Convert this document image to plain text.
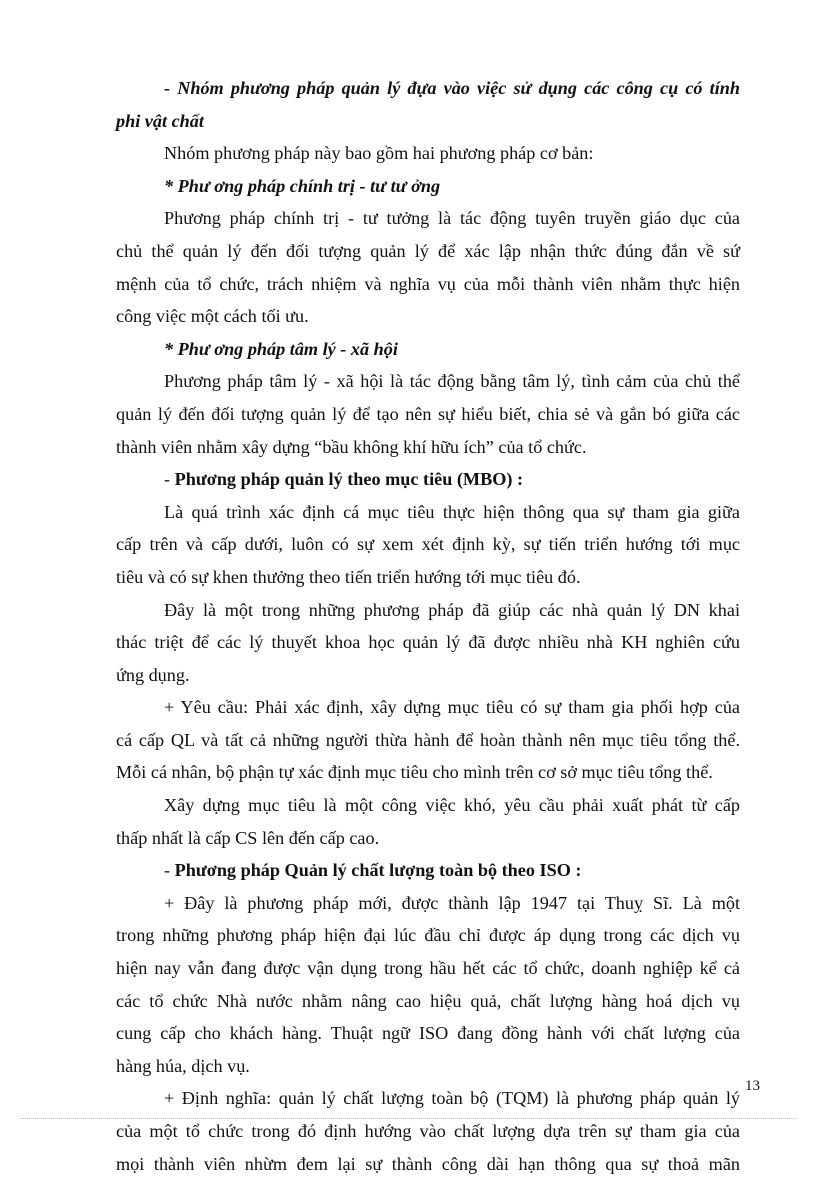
- Nhóm phương pháp quản lý đựa vào việc sử dụng các công cụ có tính

phi vật chất

Nhóm phương pháp này bao gồm hai phương pháp cơ bản:

* Phư ơng pháp chính trị - tư tư ởng

Phương pháp chính trị - tư tưởng là tác động tuyên truyền giáo dục của

chủ thể quản lý đến đối tượng quản lý để xác lập nhận thức đúng đắn về sứ

mệnh của tổ chức, trách nhiệm và nghĩa vụ của mỗi thành viên nhằm thực hiện

công việc một cách tối ưu.

* Phư ơng pháp tâm lý - xã hội

Phương pháp tâm lý - xã hội là tác động bằng tâm lý, tình cảm của chủ thể

quản lý đến đối tượng quản lý để tạo nên sự hiểu biết, chia sẻ và gắn bó giữa các

thành viên nhằm xây dựng “bầu không khí hữu ích” của tổ chức.

- Phương pháp quản lý theo mục tiêu (MBO) :

Là quá trình xác định cá mục tiêu thực hiện thông qua sự tham gia giữa

cấp trên và cấp dưới, luôn có sự xem xét định kỳ, sự tiến triển hướng tới mục

tiêu và có sự khen thưởng theo tiến triển hướng tới mục tiêu đó.

Đây là một trong những phương pháp đã giúp các nhà quản lý DN khai

thác triệt để các lý thuyết khoa học quản lý đã được nhiều nhà KH nghiên cứu

ứng dụng.

+ Yêu cầu: Phải xác định, xây dựng mục tiêu có sự tham gia phối hợp của

cá cấp QL và tất cả những người thừa hành để hoàn thành nên mục tiêu tổng thể.

Mỗi cá nhân, bộ phận tự xác định mục tiêu cho mình trên cơ sở mục tiêu tổng thể.

Xây dựng mục tiêu là một công việc khó, yêu cầu phải xuất phát từ cấp

thấp nhất là cấp CS lên đến cấp cao.

- Phương pháp Quản lý chất lượng toàn bộ theo ISO :

+ Đây là phương pháp mới, được thành lập 1947 tại Thuỵ Sĩ. Là một

trong những phương pháp hiện đại lúc đầu chỉ được áp dụng trong các dịch vụ

hiện nay vẫn đang được vận dụng trong hầu hết các tổ chức, doanh nghiệp kể cả

các tổ chức Nhà nước nhằm nâng cao hiệu quả, chất lượng hàng hoá dịch vụ

cung cấp cho khách hàng. Thuật ngữ ISO đang đồng hành với chất lượng của

hàng húa, dịch vụ.

+ Định nghĩa: quản lý chất lượng toàn bộ (TQM) là phương pháp quản lý

của một tổ chức trong đó định hướng vào chất lượng dựa trên sự tham gia của

mọi thành viên nhừm đem lại sự thành công dài hạn thông qua sự thoả mãn

13
